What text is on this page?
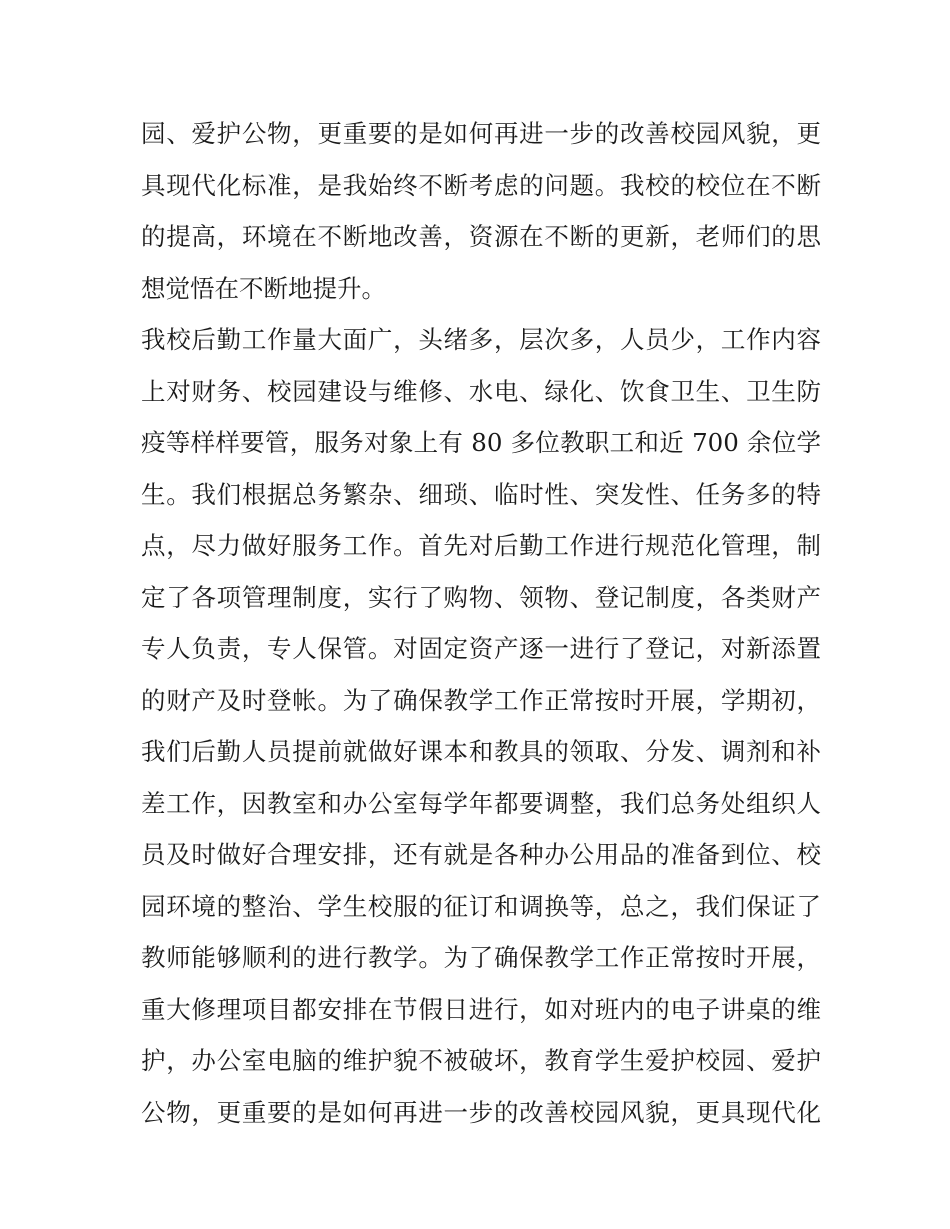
园、爱护公物，更重要的是如何再进一步的改善校园风貌，更
具现代化标准，是我始终不断考虑的问题。我校的校位在不断
的提高，环境在不断地改善，资源在不断的更新，老师们的思
想觉悟在不断地提升。
我校后勤工作量大面广，头绪多，层次多，人员少，工作内容
上对财务、校园建设与维修、水电、绿化、饮食卫生、卫生防
疫等样样要管，服务对象上有 80 多位教职工和近 700 余位学
生。我们根据总务繁杂、细琐、临时性、突发性、任务多的特
点，尽力做好服务工作。首先对后勤工作进行规范化管理，制
定了各项管理制度，实行了购物、领物、登记制度，各类财产
专人负责，专人保管。对固定资产逐一进行了登记，对新添置
的财产及时登帐。为了确保教学工作正常按时开展，学期初，
我们后勤人员提前就做好课本和教具的领取、分发、调剂和补
差工作，因教室和办公室每学年都要调整，我们总务处组织人
员及时做好合理安排，还有就是各种办公用品的准备到位、校
园环境的整治、学生校服的征订和调换等，总之，我们保证了
教师能够顺利的进行教学。为了确保教学工作正常按时开展，
重大修理项目都安排在节假日进行，如对班内的电子讲桌的维
护，办公室电脑的维护貌不被破坏，教育学生爱护校园、爱护
公物，更重要的是如何再进一步的改善校园风貌，更具现代化
